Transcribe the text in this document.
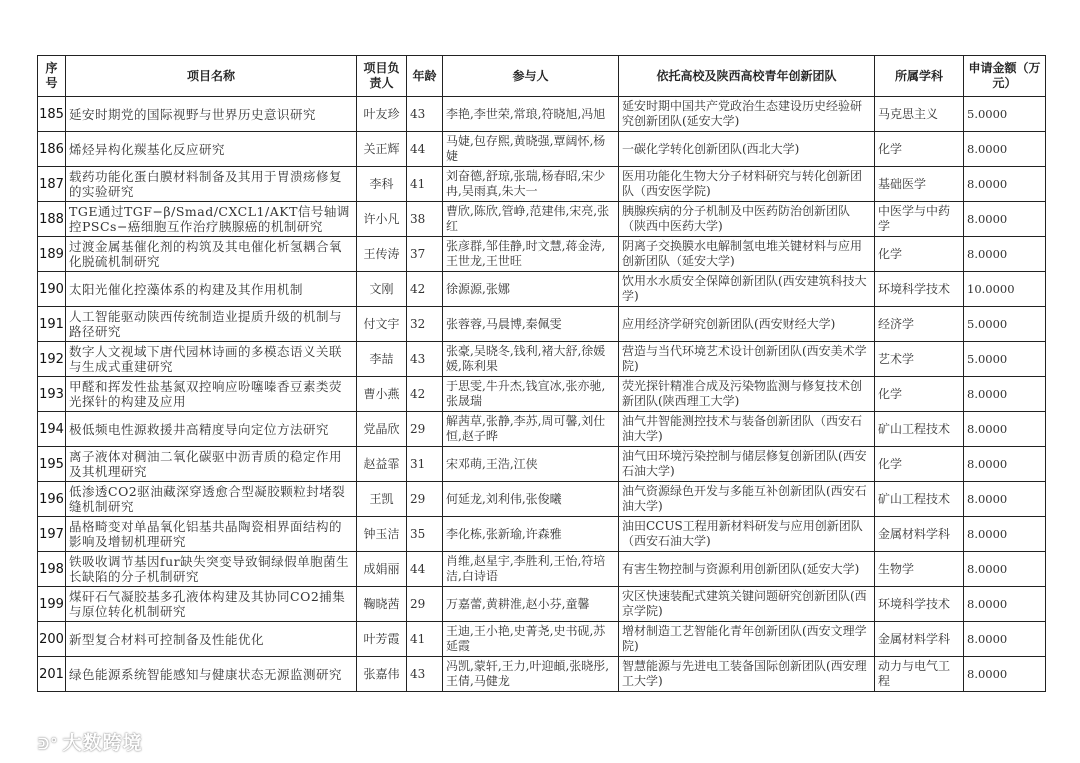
序号	项目名称	项目负责人	年龄	参与人	依托高校及陕西高校青年创新团队	所属学科	申请金额（万元）
185	延安时期党的国际视野与世界历史意识研究	叶友珍	43	李艳,李世荣,常琅,符晓旭,冯旭	延安时期中国共产党政治生态建设历史经验研究创新团队(延安大学)	马克思主义	5.0000
186	烯烃异构化羰基化反应研究	关正辉	44	马婕,包存熙,黄晓强,覃阔怀,杨婕	一碳化学转化创新团队(西北大学)	化学	8.0000
187	载药功能化蛋白膜材料制备及其用于胃溃疡修复的实验研究	李科	41	刘奋德,舒琼,张瑞,杨春昭,宋少冉,吴雨真,朱大一	医用功能化生物大分子材料研究与转化创新团队（西安医学院)	基础医学	8.0000
188	TGE通过TGF−β/Smad/CXCL1/AKT信号轴调控PSCs−癌细胞互作治疗胰腺癌的机制研究	许小凡	38	曹欣,陈欣,管峥,范建伟,宋亮,张红	胰腺疾病的分子机制及中医药防治创新团队（陕西中医药大学)	中医学与中药学	8.0000
189	过渡金属基催化剂的构筑及其电催化析氢耦合氧化脱硫机制研究	王传涛	37	张彦群,邹佳静,时文慧,蒋金涛,王世龙,王世旺	阴离子交换膜水电解制氢电堆关键材料与应用创新团队（延安大学)	化学	8.0000
190	太阳光催化控藻体系的构建及其作用机制	文刚	42	徐源源,张娜	饮用水水质安全保障创新团队(西安建筑科技大学)	环境科学技术	10.0000
191	人工智能驱动陕西传统制造业提质升级的机制与路径研究	付文宇	32	张蓉蓉,马晨博,秦佩雯	应用经济学研究创新团队(西安财经大学)	经济学	5.0000
192	数字人文视域下唐代园林诗画的多模态语义关联与生成式重建研究	李喆	43	张豪,吴晓冬,钱利,褚大舒,徐媛媛,陈利果	营造与当代环境艺术设计创新团队(西安美术学院)	艺术学	5.0000
193	甲醛和挥发性盐基氮双控响应吩噻嗪香豆素类荧光探针的构建及应用	曹小燕	42	于思雯,牛升杰,钱宣冰,张亦驰,张晟瑞	荧光探针精准合成及污染物监测与修复技术创新团队(陕西理工大学)	化学	8.0000
194	极低频电性源救援井高精度导向定位方法研究	党晶欣	29	解茜草,张静,李苏,周可馨,刘仕恒,赵子晔	油气井智能测控技术与装备创新团队（西安石油大学)	矿山工程技术	8.0000
195	离子液体对稠油二氧化碳驱中沥青质的稳定作用及其机理研究	赵益霏	31	宋邓萌,王浩,江侠	油气田环境污染控制与储层修复创新团队(西安石油大学)	化学	8.0000
196	低渗透CO2驱油藏深穿透愈合型凝胶颗粒封堵裂缝机制研究	王凯	29	何延龙,刘利伟,张俊曦	油气资源绿色开发与多能互补创新团队(西安石油大学)	矿山工程技术	8.0000
197	晶格畸变对单晶氧化铝基共晶陶瓷相界面结构的影响及增韧机理研究	钟玉洁	35	李化栋,张新瑜,许森雅	油田CCUS工程用新材料研发与应用创新团队（西安石油大学)	金属材料学科	8.0000
198	铁吸收调节基因fur缺失突变导致铜绿假单胞菌生长缺陷的分子机制研究	成娟丽	44	肖维,赵星宇,李胜利,王怡,符培洁,白诗语	有害生物控制与资源利用创新团队(延安大学)	生物学	8.0000
199	煤矸石气凝胶基多孔液体构建及其协同CO2捕集与原位转化机制研究	鞠晓茜	29	万嘉蕾,黄耕淮,赵小芬,童馨	灾区快速装配式建筑关键问题研究创新团队(西京学院)	环境科学技术	8.0000
200	新型复合材料可控制备及性能优化	叶芳霞	41	王迪,王小艳,史菁尧,史书砚,苏延霞	增材制造工艺智能化青年创新团队(西安文理学院)	金属材料学科	8.0000
201	绿色能源系统智能感知与健康状态无源监测研究	张嘉伟	43	冯凯,蒙轩,王力,叶迎頔,张晓彤,王倩,马健龙	智慧能源与先进电工装备国际创新团队(西安理工大学)	动力与电气工程	8.0000
ᕲ° 大数跨境
